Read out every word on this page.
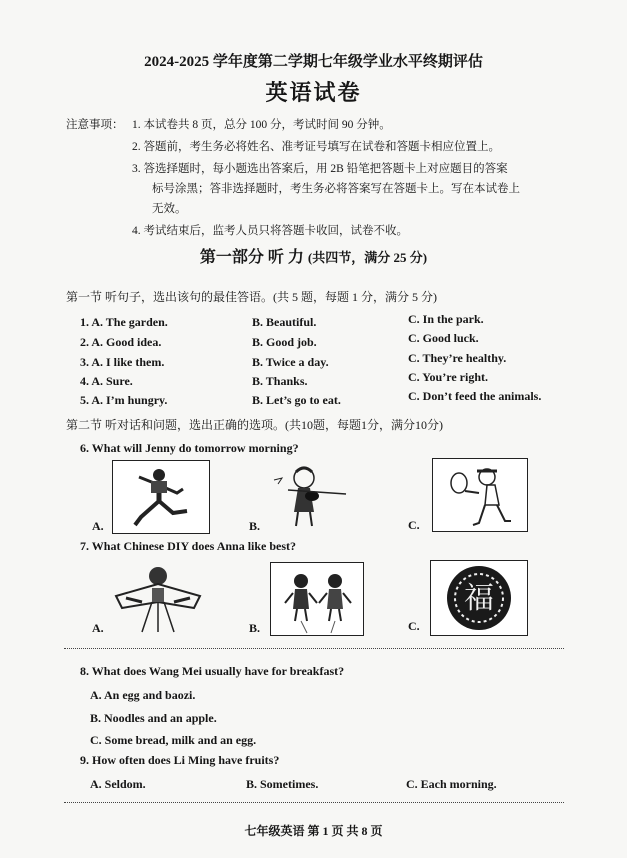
2024-2025 学年度第二学期七年级学业水平终期评估
英语试卷
注意事项： 1. 本试卷共 8 页，总分 100 分，考试时间 90 分钟。
2. 答题前，考生务必将姓名、准考证号填写在试卷和答题卡相应位置上。
3. 答选择题时，每小题选出答案后，用 2B 铅笔把答题卡上对应题目的答案
标号涂黑；答非选择题时，考生务必将答案写在答题卡上。写在本试卷上
无效。
4. 考试结束后，监考人员只将答题卡收回，试卷不收。
第一部分 听 力 (共四节，满分 25 分)
第一节 听句子，选出该句的最佳答语。(共 5 题，每题 1 分，满分 5 分)
1. A. The garden.	B. Beautiful.	C. In the park.
2. A. Good idea.	B. Good job.	C. Good luck.
3. A. I like them.	B. Twice a day.	C. They’re healthy.
4. A. Sure.	B. Thanks.	C. You’re right.
5. A. I’m hungry.	B. Let’s go to eat.	C. Don’t feed the animals.
第二节 听对话和问题，选出正确的选项。(共10题，每题1分，满分10分)
6. What will Jenny do tomorrow morning?
A.	B.	C.
7. What Chinese DIY does Anna like best?
A.	B.	C.
福
8. What does Wang Mei usually have for breakfast?
A. An egg and baozi.
B. Noodles and an apple.
C. Some bread, milk and an egg.
9. How often does Li Ming have fruits?
A. Seldom.	B. Sometimes.	C. Each morning.
七年级英语 第 1 页 共 8 页
